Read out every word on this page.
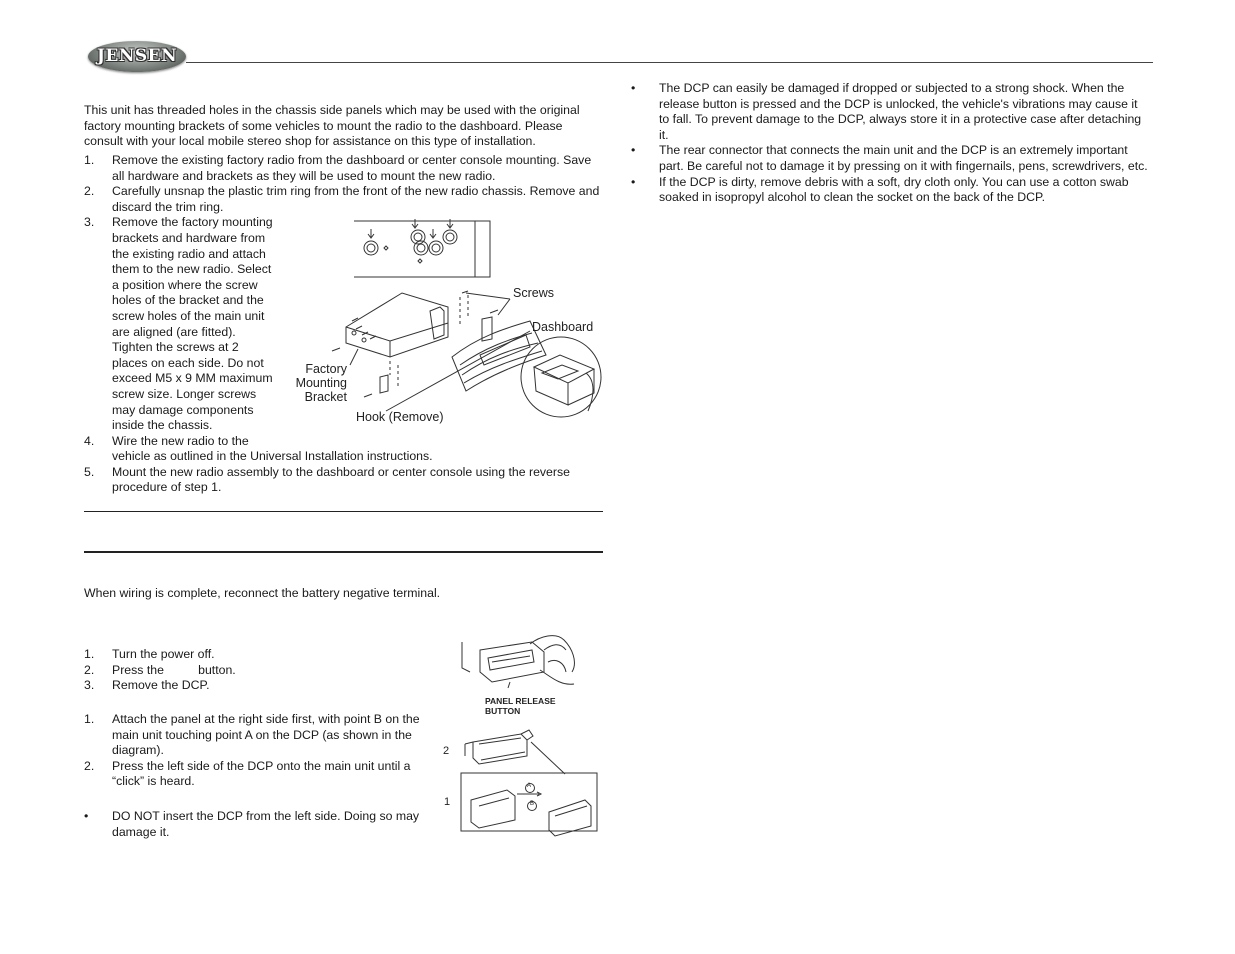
JENSEN
This unit has threaded holes in the chassis side panels which may be used with the original factory mounting brackets of some vehicles to mount the radio to the dashboard. Please consult with your local mobile stereo shop for assistance on this type of installation.
1.	Remove the existing factory radio from the dashboard or center console mounting. Save
all hardware and brackets as they will be used to mount the new radio.
2.	Carefully unsnap the plastic trim ring from the front of the new radio chassis. Remove and
discard the trim ring.
3.	Remove the factory mounting
brackets and hardware from
the existing radio and attach
them to the new radio. Select
a position where the screw
holes of the bracket and the
screw holes of the main unit
are aligned (are fitted).
Tighten the screws at 2
places on each side. Do not
exceed M5 x 9 MM maximum
screw size. Longer screws
may damage components
inside the chassis.
4.	Wire the new radio to the
vehicle as outlined in the Universal Installation instructions.
5.	Mount the new radio assembly to the dashboard or center console using the reverse
procedure of step 1.
Screws
Dashboard
Factory
Mounting
Bracket
Hook (Remove)
When wiring is complete, reconnect the battery negative terminal.
1.	Turn the power off.
2.	Press the          button.
3.	Remove the DCP.
1.	Attach the panel at the right side first, with point B on the
main unit touching point A on the DCP (as shown in the
diagram).
2.	Press the left side of the DCP onto the main unit until a
“click” is heard.
•	DO NOT insert the DCP from the left side. Doing so may
damage it.
PANEL RELEASE
BUTTON
2
1
A
B
•	The DCP can easily be damaged if dropped or subjected to a strong shock. When the
release button is pressed and the DCP is unlocked, the vehicle's vibrations may cause it
to fall. To prevent damage to the DCP, always store it in a protective case after detaching
it.
•	The rear connector that connects the main unit and the DCP is an extremely important
part. Be careful not to damage it by pressing on it with fingernails, pens, screwdrivers, etc.
•	If the DCP is dirty, remove debris with a soft, dry cloth only. You can use a cotton swab
soaked in isopropyl alcohol to clean the socket on the back of the DCP.
